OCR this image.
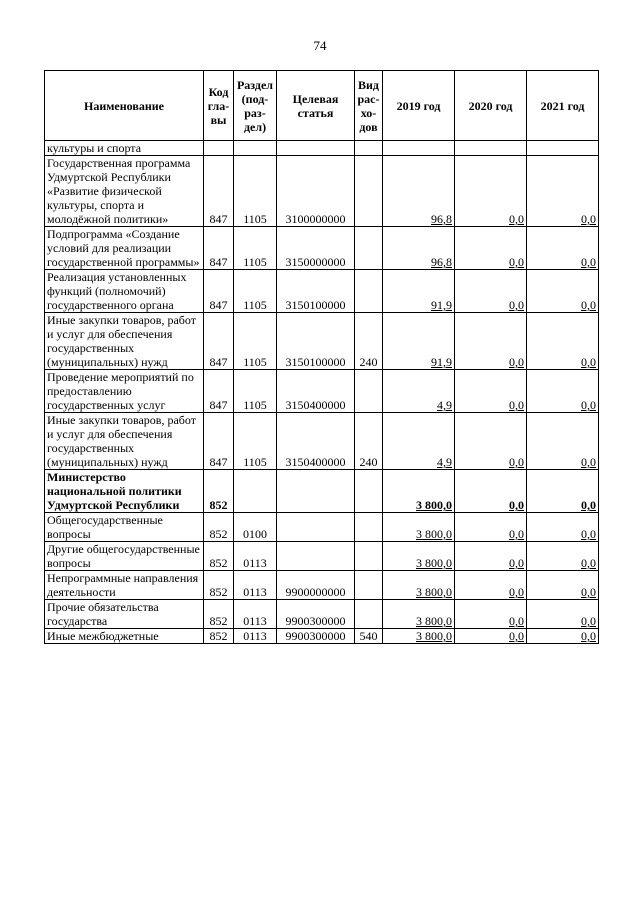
74
Наименование	Код гла-вы	Раздел (под-раз-дел)	Целевая статья	Вид рас-хо-дов	2019 год	2020 год	2021 год
культуры и спорта							
Государственная программа Удмуртской Республики «Развитие физической культуры, спорта и молодёжной политики»	847	1105	3100000000		96,8	0,0	0,0
Подпрограмма «Создание условий для реализации государственной программы»	847	1105	3150000000		96,8	0,0	0,0
Реализация установленных функций (полномочий) государственного органа	847	1105	3150100000		91,9	0,0	0,0
Иные закупки товаров, работ и услуг для обеспечения государственных (муниципальных) нужд	847	1105	3150100000	240	91,9	0,0	0,0
Проведение мероприятий по предоставлению государственных услуг	847	1105	3150400000		4,9	0,0	0,0
Иные закупки товаров, работ и услуг для обеспечения государственных (муниципальных) нужд	847	1105	3150400000	240	4,9	0,0	0,0
Министерство национальной политики Удмуртской Республики	852				3 800,0	0,0	0,0
Общегосударственные вопросы	852	0100			3 800,0	0,0	0,0
Другие общегосударственные вопросы	852	0113			3 800,0	0,0	0,0
Непрограммные направления деятельности	852	0113	9900000000		3 800,0	0,0	0,0
Прочие обязательства государства	852	0113	9900300000		3 800,0	0,0	0,0
Иные межбюджетные	852	0113	9900300000	540	3 800,0	0,0	0,0
